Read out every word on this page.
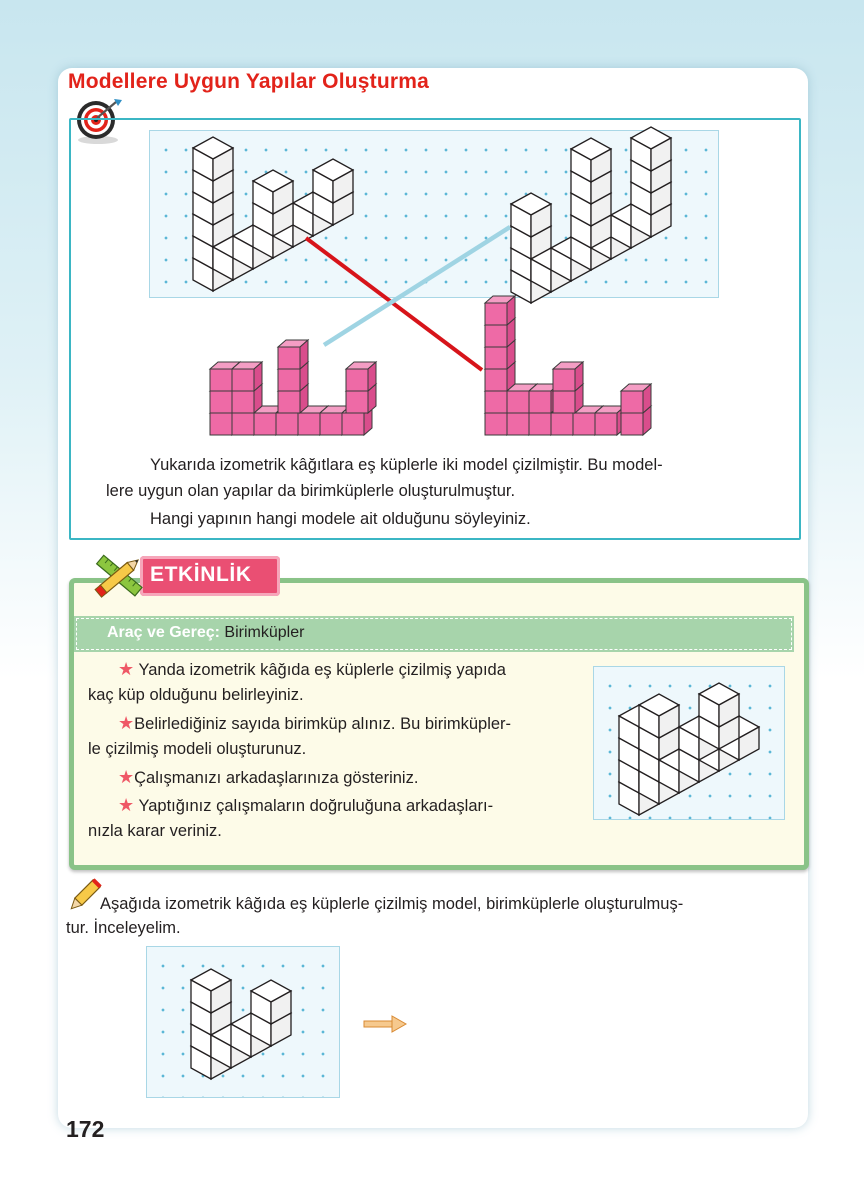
Modellere Uygun Yapılar Oluşturma

Yukarıda izometrik kâğıtlara eş küplerle iki model çizilmiştir. Bu model-

lere uygun olan yapılar da birimküplerle oluşturulmuştur.

Hangi yapının hangi modele ait olduğunu söyleyiniz.

ETKİNLİK
Araç ve Gereç: Birimküpler

★ Yanda izometrik kâğıda eş küplerle çizilmiş yapıda

kaç küp olduğunu belirleyiniz.

★Belirlediğiniz sayıda birimküp alınız. Bu birimküpler-

le çizilmiş modeli oluşturunuz.

★Çalışmanızı arkadaşlarınıza gösteriniz.

★ Yaptığınız çalışmaların doğruluğuna arkadaşları-

nızla karar veriniz.

Aşağıda izometrik kâğıda eş küplerle çizilmiş model, birimküplerle oluşturulmuş-

tur. İnceleyelim.

172
